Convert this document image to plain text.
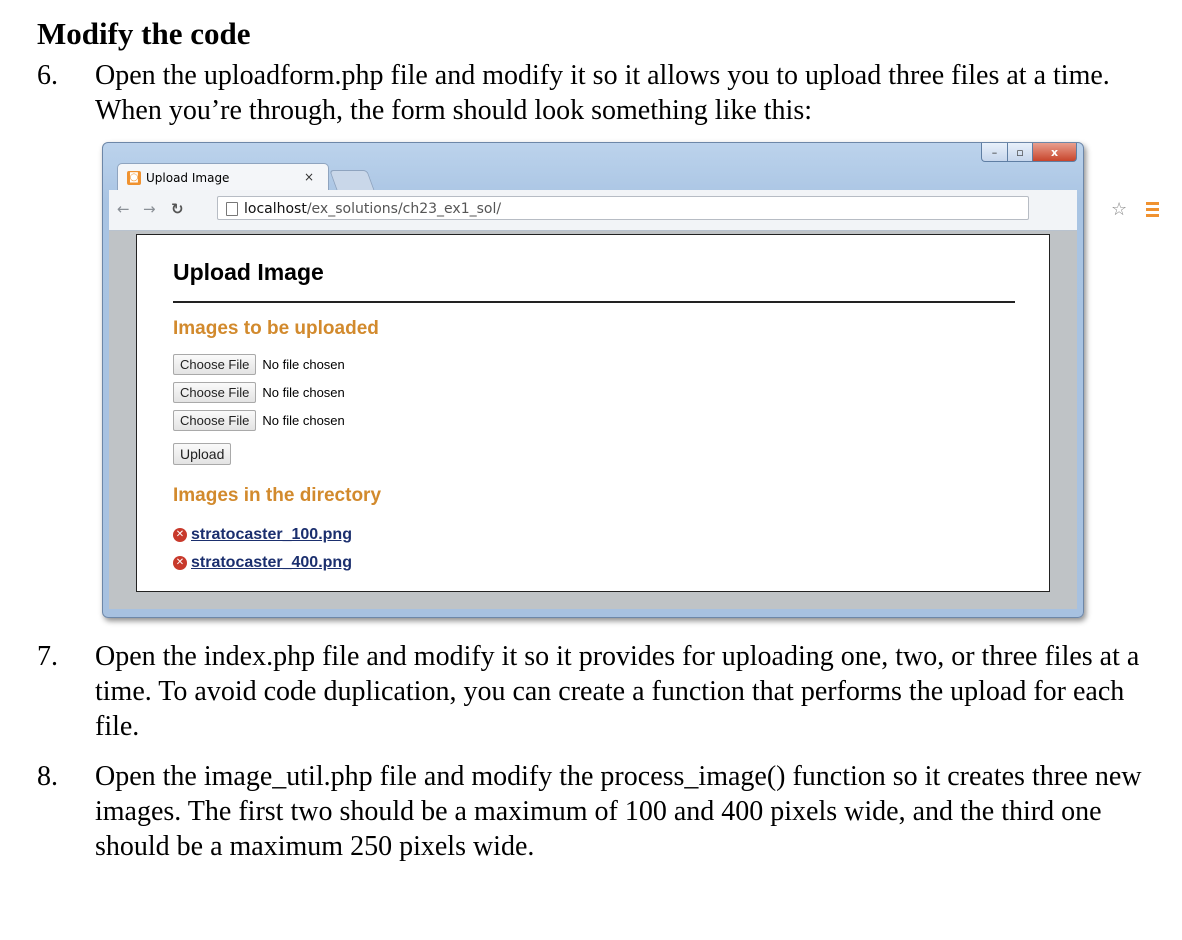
Modify the code
6.	Open the uploadform.php file and modify it so it allows you to upload three files at a time. When you’re through, the form should look something like this:
–	▫	x
◙ Upload Image	×
← → ↻	localhost/ex_solutions/ch23_ex1_sol/	☆
Upload Image
Images to be uploaded
Choose File	No file chosen
Choose File	No file chosen
Choose File	No file chosen
Upload
Images in the directory
✕ stratocaster_100.png
✕ stratocaster_400.png
7.	Open the index.php file and modify it so it provides for uploading one, two, or three files at a time. To avoid code duplication, you can create a function that performs the upload for each file.
8.	Open the image_util.php file and modify the process_image() function so it creates three new images. The first two should be a maximum of 100 and 400 pixels wide, and the third one should be a maximum 250 pixels wide.
